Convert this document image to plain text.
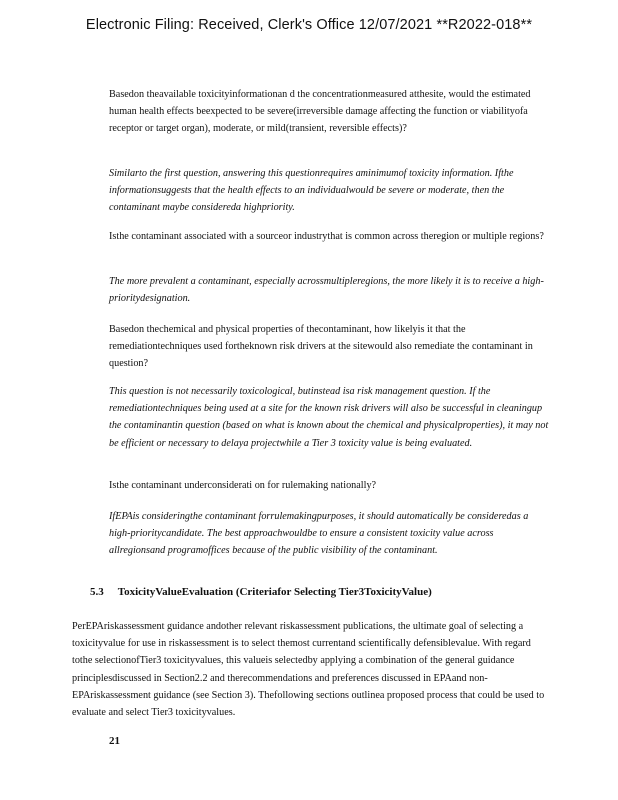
Electronic Filing: Received, Clerk's Office 12/07/2021 **R2022-018**

Basedon theavailable toxicityinformationan d the concentrationmeasured atthesite, would the estimated human health effects beexpected to be severe(irreversible damage affecting the function or viabilityofa receptor or target organ), moderate, or mild(transient, reversible effects)?

Similarto the first question, answering this questionrequires aminimumof toxicity information. Ifthe informationsuggests that the health effects to an individualwould be severe or moderate, then the contaminant maybe considereda highpriority.

Isthe contaminant associated with a sourceor industrythat is common across theregion or multiple regions?

The more prevalent a contaminant, especially acrossmultipleregions, the more likely it is to receive a high-prioritydesignation.

Basedon thechemical and physical properties of thecontaminant, how likelyis it that the remediationtechniques used fortheknown risk drivers at the sitewould also remediate the contaminant in question?

This question is not necessarily toxicological, butinstead isa risk management question. If the remediationtechniques being used at a site for the known risk drivers will also be successful in cleaningup the contaminantin question (based on what is known about the chemical and physicalproperties), it may not be efficient or necessary to delaya projectwhile a Tier 3 toxicity value is being evaluated.

Isthe contaminant underconsiderati on for rulemaking nationally?

IfEPAis consideringthe contaminant forrulemakingpurposes, it should automatically be consideredas a high-prioritycandidate. The best approachwouldbe to ensure a consistent toxicity value across allregionsand programoffices because of the public visibility of the contaminant.

5.3 ToxicityValueEvaluation (Criteriafor Selecting Tier3ToxicityValue)

PerEPAriskassessment guidance andother relevant riskassessment publications, the ultimate goal of selecting a toxicityvalue for use in riskassessment is to select themost currentand scientifically defensiblevalue. With regard tothe selectionofTier3 toxicityvalues, this valueis selectedby applying a combination of the general guidance principlesdiscussed in Section2.2 and therecommendations and preferences discussed in EPAand non-EPAriskassessment guidance (see Section 3). Thefollowing sections outlinea proposed process that could be used to evaluate and select Tier3 toxicityvalues.

21
